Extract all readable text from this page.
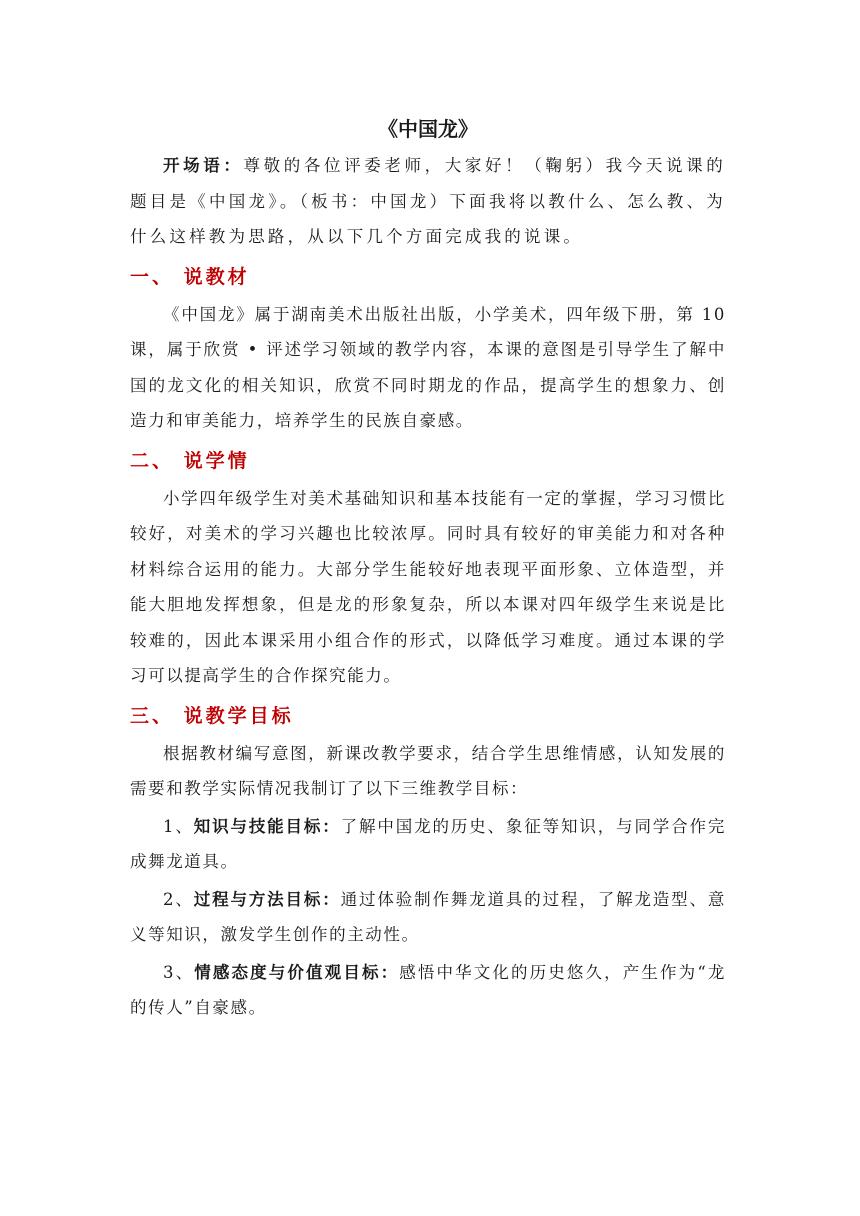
《中国龙》

开场语：尊敬的各位评委老师，大家好！（鞠躬）我今天说课的题目是《中国龙》。（板书：中国龙）下面我将以教什么、怎么教、为什么这样教为思路，从以下几个方面完成我的说课。

一、 说教材

《中国龙》属于湖南美术出版社出版，小学美术，四年级下册，第 10 课，属于欣赏 • 评述学习领域的教学内容，本课的意图是引导学生了解中国的龙文化的相关知识，欣赏不同时期龙的作品，提高学生的想象力、创造力和审美能力，培养学生的民族自豪感。

二、 说学情

小学四年级学生对美术基础知识和基本技能有一定的掌握，学习习惯比较好，对美术的学习兴趣也比较浓厚。同时具有较好的审美能力和对各种材料综合运用的能力。大部分学生能较好地表现平面形象、立体造型，并能大胆地发挥想象，但是龙的形象复杂，所以本课对四年级学生来说是比较难的，因此本课采用小组合作的形式，以降低学习难度。通过本课的学习可以提高学生的合作探究能力。

三、 说教学目标

根据教材编写意图，新课改教学要求，结合学生思维情感，认知发展的需要和教学实际情况我制订了以下三维教学目标：

1、知识与技能目标：了解中国龙的历史、象征等知识，与同学合作完成舞龙道具。

2、过程与方法目标：通过体验制作舞龙道具的过程，了解龙造型、意义等知识，激发学生创作的主动性。

3、情感态度与价值观目标：感悟中华文化的历史悠久，产生作为“龙的传人”自豪感。
